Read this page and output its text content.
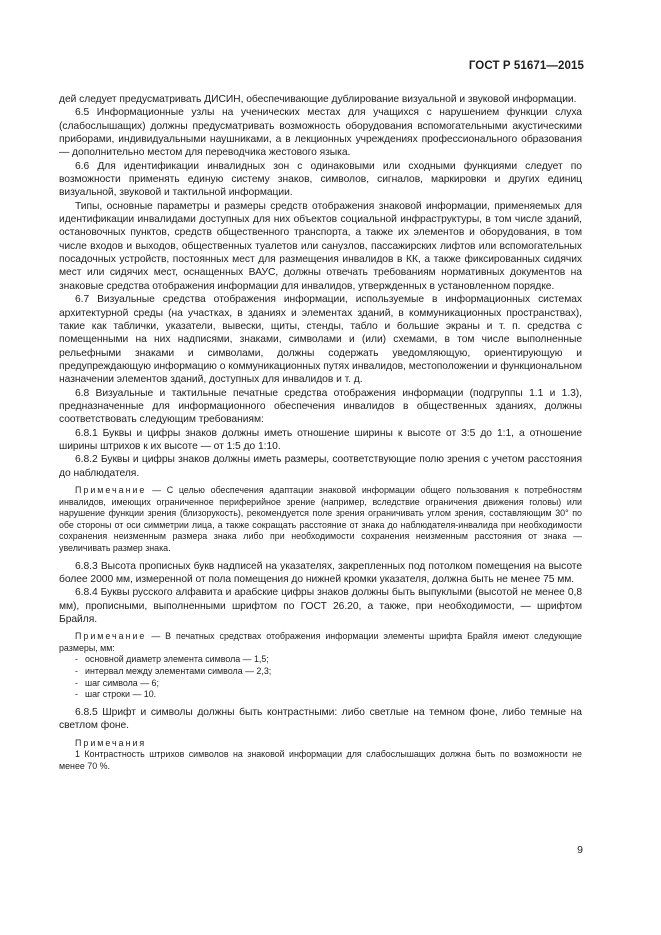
ГОСТ Р 51671—2015

дей следует предусматривать ДИСИН, обеспечивающие дублирование визуальной и звуковой информации.

6.5 Информационные узлы на ученических местах для учащихся с нарушением функции слуха (слабослышащих) должны предусматривать возможность оборудования вспомогательными акустическими приборами, индивидуальными наушниками, а в лекционных учреждениях профессионального образования — дополнительно местом для переводчика жестового языка.

6.6 Для идентификации инвалидных зон с одинаковыми или сходными функциями следует по возможности применять единую систему знаков, символов, сигналов, маркировки и других единиц визуальной, звуковой и тактильной информации.

Типы, основные параметры и размеры средств отображения знаковой информации, применяемых для идентификации инвалидами доступных для них объектов социальной инфраструктуры, в том числе зданий, остановочных пунктов, средств общественного транспорта, а также их элементов и оборудования, в том числе входов и выходов, общественных туалетов или санузлов, пассажирских лифтов или вспомогательных посадочных устройств, постоянных мест для размещения инвалидов в КК, а также фиксированных сидячих мест или сидячих мест, оснащенных ВАУС, должны отвечать требованиям нормативных документов на знаковые средства отображения информации для инвалидов, утвержденных в установленном порядке.

6.7 Визуальные средства отображения информации, используемые в информационных системах архитектурной среды (на участках, в зданиях и элементах зданий, в коммуникационных пространствах), такие как таблички, указатели, вывески, щиты, стенды, табло и большие экраны и т. п. средства с помещенными на них надписями, знаками, символами и (или) схемами, в том числе выполненные рельефными знаками и символами, должны содержать уведомляющую, ориентирующую и предупреждающую информацию о коммуникационных путях инвалидов, местоположении и функциональном назначении элементов зданий, доступных для инвалидов и т. д.

6.8 Визуальные и тактильные печатные средства отображения информации (подгруппы 1.1 и 1.3), предназначенные для информационного обеспечения инвалидов в общественных зданиях, должны соответствовать следующим требованиям:

6.8.1 Буквы и цифры знаков должны иметь отношение ширины к высоте от 3:5 до 1:1, а отношение ширины штрихов к их высоте — от 1:5 до 1:10.

6.8.2 Буквы и цифры знаков должны иметь размеры, соответствующие полю зрения с учетом расстояния до наблюдателя.

Примечание — С целью обеспечения адаптации знаковой информации общего пользования к потребностям инвалидов, имеющих ограниченное периферийное зрение (например, вследствие ограничения движения головы) или нарушение функции зрения (близорукость), рекомендуется поле зрения ограничивать углом зрения, составляющим 30° по обе стороны от оси симметрии лица, а также сокращать расстояние от знака до наблюдателя-инвалида при необходимости сохранения неизменным размера знака либо при необходимости сохранения неизменным расстояния от знака — увеличивать размер знака.

6.8.3 Высота прописных букв надписей на указателях, закрепленных под потолком помещения на высоте более 2000 мм, измеренной от пола помещения до нижней кромки указателя, должна быть не менее 75 мм.

6.8.4 Буквы русского алфавита и арабские цифры знаков должны быть выпуклыми (высотой не менее 0,8 мм), прописными, выполненными шрифтом по ГОСТ 26.20, а также, при необходимости, — шрифтом Брайля.

Примечание — В печатных средствах отображения информации элементы шрифта Брайля имеют следующие размеры, мм:

- основной диаметр элемента символа — 1,5;
- интервал между элементами символа — 2,3;
- шаг символа — 6;
- шаг строки — 10.

6.8.5 Шрифт и символы должны быть контрастными: либо светлые на темном фоне, либо темные на светлом фоне.

Примечания

1 Контрастность штрихов символов на знаковой информации для слабослышащих должна быть по возможности не менее 70 %.

9
